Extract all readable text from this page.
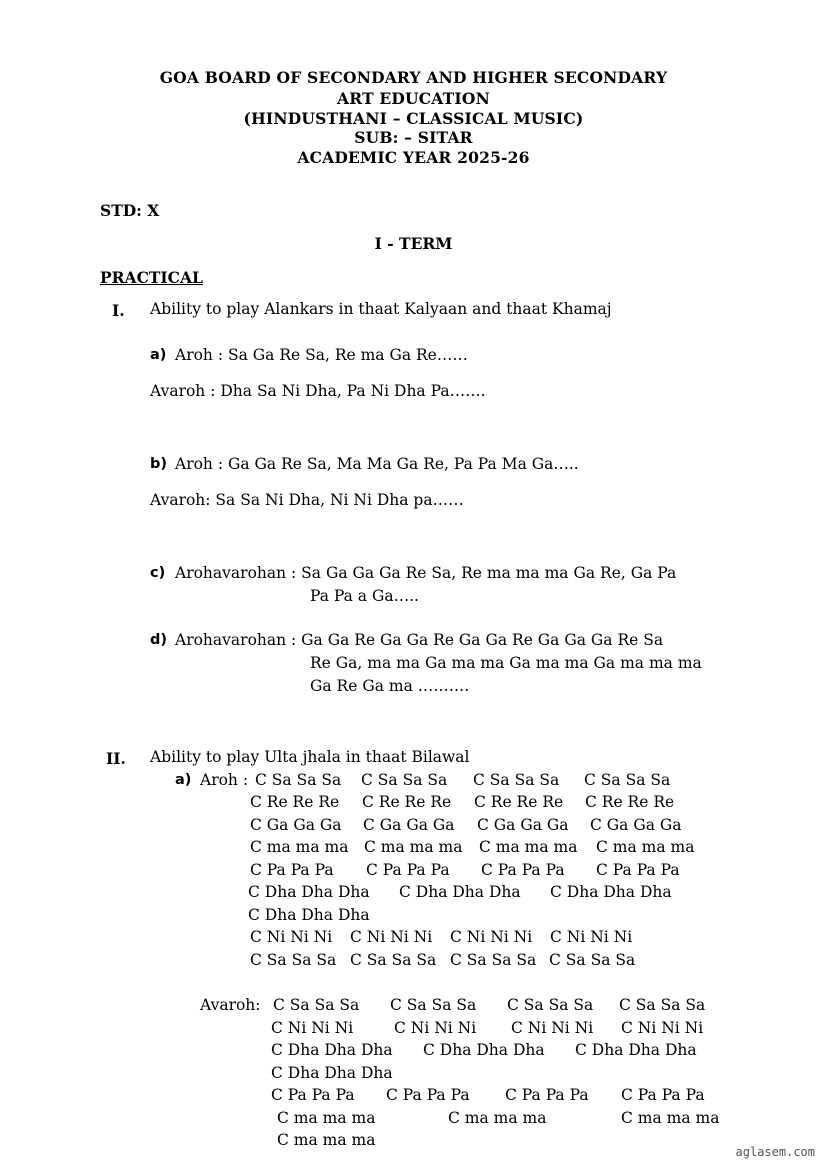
GOA BOARD OF SECONDARY AND HIGHER SECONDARY
ART EDUCATION
(HINDUSTHANI – CLASSICAL MUSIC)
SUB: – SITAR
ACADEMIC YEAR 2025-26
STD: X
I - TERM
PRACTICAL
I. Ability to play Alankars in thaat Kalyaan and thaat Khamaj
a) Aroh : Sa Ga Re Sa, Re ma Ga Re……
Avaroh : Dha Sa Ni Dha, Pa Ni Dha Pa…….
b) Aroh : Ga Ga Re Sa, Ma Ma Ga Re, Pa Pa Ma Ga…..
Avaroh: Sa Sa Ni Dha, Ni Ni Dha pa……
c) Arohavarohan : Sa Ga Ga Ga Re Sa, Re ma ma ma Ga Re, Ga Pa
Pa Pa a Ga…..
d) Arohavarohan : Ga Ga Re Ga Ga Re Ga Ga Re Ga Ga Ga Re Sa
Re Ga, ma ma Ga ma ma Ga ma ma Ga ma ma ma
Ga Re Ga ma ……….
II. Ability to play Ulta jhala in thaat Bilawal
a) Aroh : C Sa Sa Sa C Sa Sa Sa C Sa Sa Sa C Sa Sa Sa
C Re Re Re C Re Re Re C Re Re Re C Re Re Re
C Ga Ga Ga C Ga Ga Ga C Ga Ga Ga C Ga Ga Ga
C ma ma ma C ma ma ma C ma ma ma C ma ma ma
C Pa Pa Pa C Pa Pa Pa C Pa Pa Pa C Pa Pa Pa
C Dha Dha Dha C Dha Dha Dha C Dha Dha Dha
C Dha Dha Dha
C Ni Ni Ni C Ni Ni Ni C Ni Ni Ni C Ni Ni Ni
C Sa Sa Sa C Sa Sa Sa C Sa Sa Sa C Sa Sa Sa
Avaroh: C Sa Sa Sa C Sa Sa Sa C Sa Sa Sa C Sa Sa Sa
C Ni Ni Ni	C Ni Ni Ni C Ni Ni Ni C Ni Ni Ni
C Dha Dha Dha C Dha Dha Dha C Dha Dha Dha
C Dha Dha Dha
C Pa Pa Pa C Pa Pa Pa C Pa Pa Pa C Pa Pa Pa
C ma ma ma	C ma ma ma	C ma ma ma
C ma ma ma
aglasem.com
